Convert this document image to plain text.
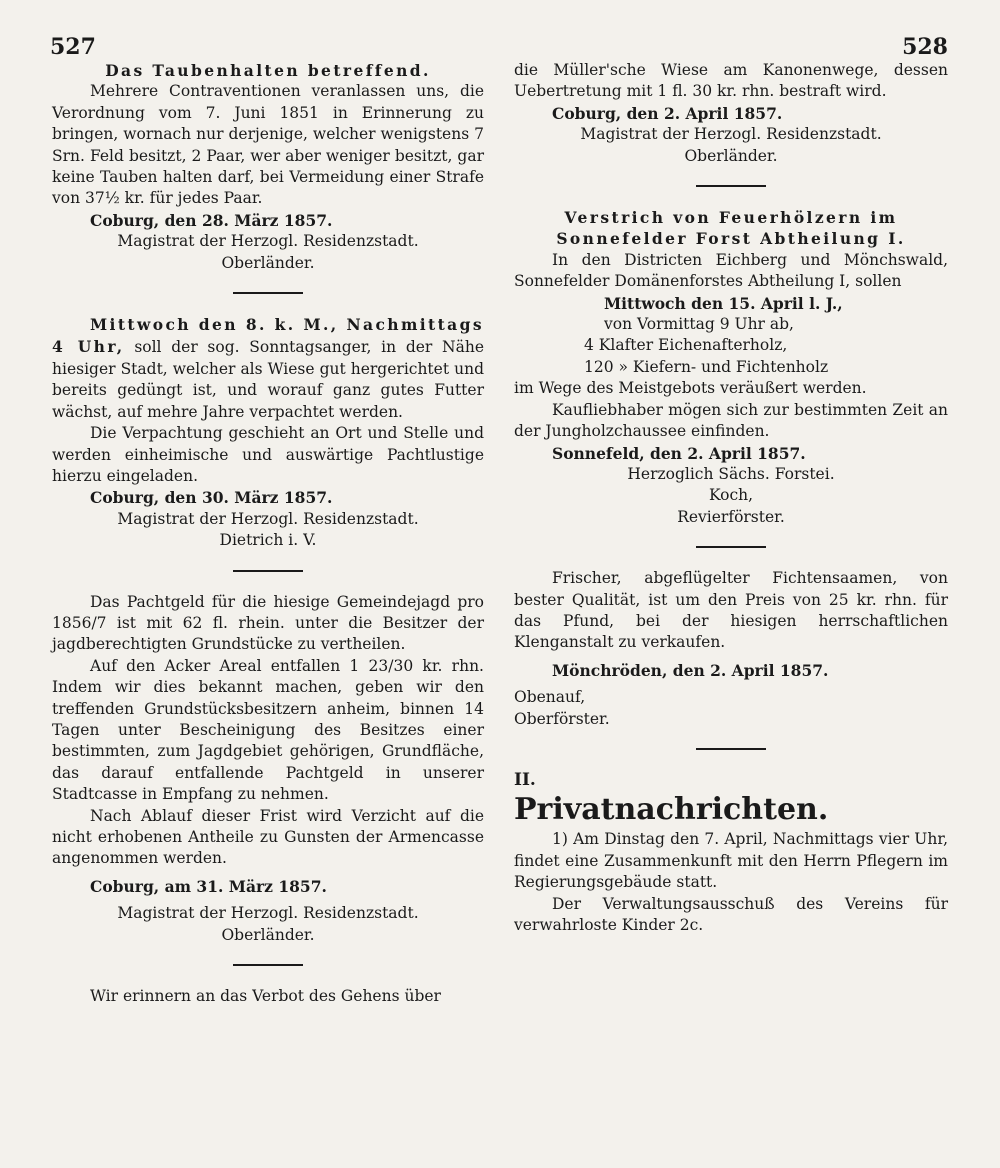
527	528

Das Taubenhalten betreffend.

Mehrere Contraventionen veranlassen uns, die Verordnung vom 7. Juni 1851 in Erinnerung zu bringen, wornach nur derjenige, welcher wenigstens 7 Srn. Feld besitzt, 2 Paar, wer aber weniger besitzt, gar keine Tauben halten darf, bei Vermeidung einer Strafe von 37½ kr. für jedes Paar.

Coburg, den 28. März 1857.

Magistrat der Herzogl. Residenzstadt.

Oberländer.

Mittwoch den 8. k. M., Nachmittags 4 Uhr, soll der sog. Sonntagsanger, in der Nähe hiesiger Stadt, welcher als Wiese gut hergerichtet und bereits gedüngt ist, und worauf ganz gutes Futter wächst, auf mehre Jahre verpachtet werden.

Die Verpachtung geschieht an Ort und Stelle und werden einheimische und auswärtige Pachtlustige hierzu eingeladen.

Coburg, den 30. März 1857.

Magistrat der Herzogl. Residenzstadt.

Dietrich i. V.

Das Pachtgeld für die hiesige Gemeindejagd pro 1856/7 ist mit 62 fl. rhein. unter die Besitzer der jagdberechtigten Grundstücke zu vertheilen.

Auf den Acker Areal entfallen 1 23/30 kr. rhn. Indem wir dies bekannt machen, geben wir den treffenden Grundstücksbesitzern anheim, binnen 14 Tagen unter Bescheinigung des Besitzes einer bestimmten, zum Jagdgebiet gehörigen, Grundfläche, das darauf entfallende Pachtgeld in unserer Stadtcasse in Empfang zu nehmen.

Nach Ablauf dieser Frist wird Verzicht auf die nicht erhobenen Antheile zu Gunsten der Armencasse angenommen werden.

Coburg, am 31. März 1857.

Magistrat der Herzogl. Residenzstadt.

Oberländer.

Wir erinnern an das Verbot des Gehens über

die Müller'sche Wiese am Kanonenwege, dessen Uebertretung mit 1 fl. 30 kr. rhn. bestraft wird.

Coburg, den 2. April 1857.

Magistrat der Herzogl. Residenzstadt.

Oberländer.

Verstrich von Feuerhölzern im Sonnefelder Forst Abtheilung I.

In den Districten Eichberg und Mönchswald, Sonnefelder Domänenforstes Abtheilung I, sollen

Mittwoch den 15. April l. J.,

von Vormittag 9 Uhr ab,

4 Klafter Eichenafterholz,

120 » Kiefern- und Fichtenholz

im Wege des Meistgebots veräußert werden.

Kaufliebhaber mögen sich zur bestimmten Zeit an der Jungholzchaussee einfinden.

Sonnefeld, den 2. April 1857.

Herzoglich Sächs. Forstei.

Koch,

Revierförster.

Frischer, abgeflügelter Fichtensaamen, von bester Qualität, ist um den Preis von 25 kr. rhn. für das Pfund, bei der hiesigen herrschaftlichen Klenganstalt zu verkaufen.

Mönchröden, den 2. April 1857.

Obenauf,

Oberförster.

II.

Privatnachrichten.

1) Am Dinstag den 7. April, Nachmittags vier Uhr, findet eine Zusammenkunft mit den Herrn Pflegern im Regierungsgebäude statt.

Der Verwaltungsausschuß des Vereins für verwahrloste Kinder 2c.
